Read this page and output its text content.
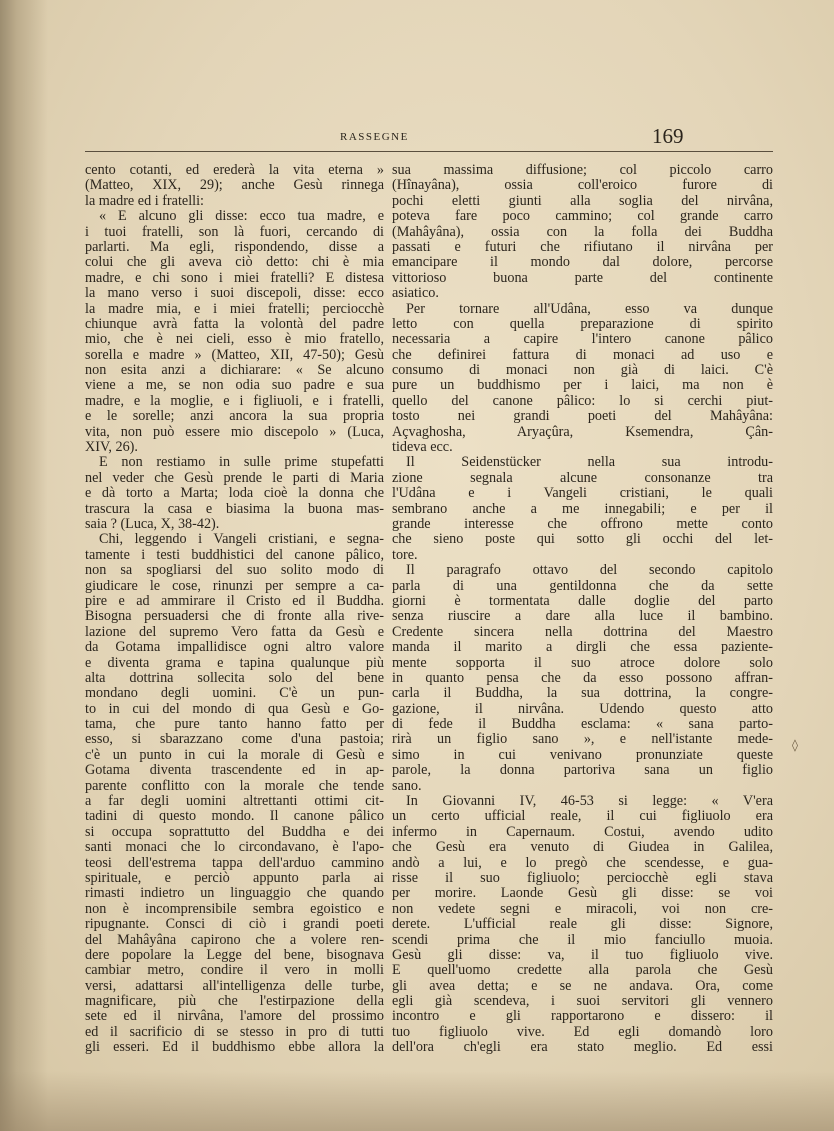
RASSEGNE	169
cento cotanti, ed erederà la vita eterna »
(Matteo, XIX, 29); anche Gesù rinnega
la madre ed i fratelli:
« E alcuno gli disse: ecco tua madre, e
i tuoi fratelli, son là fuori, cercando di
parlarti. Ma egli, rispondendo, disse a
colui che gli aveva ciò detto: chi è mia
madre, e chi sono i miei fratelli? E distesa
la mano verso i suoi discepoli, disse: ecco
la madre mia, e i miei fratelli; perciocchè
chiunque avrà fatta la volontà del padre
mio, che è nei cieli, esso è mio fratello,
sorella e madre » (Matteo, XII, 47-50); Gesù
non esita anzi a dichiarare: « Se alcuno
viene a me, se non odia suo padre e sua
madre, e la moglie, e i figliuoli, e i fratelli,
e le sorelle; anzi ancora la sua propria
vita, non può essere mio discepolo » (Luca,
XIV, 26).
E non restiamo in sulle prime stupefatti
nel veder che Gesù prende le parti di Maria
e dà torto a Marta; loda cioè la donna che
trascura la casa e biasima la buona mas-
saia ? (Luca, X, 38-42).
Chi, leggendo i Vangeli cristiani, e segna-
tamente i testi buddhistici del canone pâlico,
non sa spogliarsi del suo solito modo di
giudicare le cose, rinunzi per sempre a ca-
pire e ad ammirare il Cristo ed il Buddha.
Bisogna persuadersi che di fronte alla rive-
lazione del supremo Vero fatta da Gesù e
da Gotama impallidisce ogni altro valore
e diventa grama e tapina qualunque più
alta dottrina sollecita solo del bene
mondano degli uomini. C'è un pun-
to in cui del mondo di qua Gesù e Go-
tama, che pure tanto hanno fatto per
esso, si sbarazzano come d'una pastoia;
c'è un punto in cui la morale di Gesù e
Gotama diventa trascendente ed in ap-
parente conflitto con la morale che tende
a far degli uomini altrettanti ottimi cit-
tadini di questo mondo. Il canone pâlico
si occupa soprattutto del Buddha e dei
santi monaci che lo circondavano, è l'apo-
teosi dell'estrema tappa dell'arduo cammino
spirituale, e perciò appunto parla ai
rimasti indietro un linguaggio che quando
non è incomprensibile sembra egoistico e
ripugnante. Consci di ciò i grandi poeti
del Mahâyâna capirono che a volere ren-
dere popolare la Legge del bene, bisognava
cambiar metro, condire il vero in molli
versi, adattarsi all'intelligenza delle turbe,
magnificare, più che l'estirpazione della
sete ed il nirvâna, l'amore del prossimo
ed il sacrificio di se stesso in pro di tutti
gli esseri. Ed il buddhismo ebbe allora la
sua massima diffusione; col piccolo carro
(Hînayâna), ossia coll'eroico furore di
pochi eletti giunti alla soglia del nirvâna,
poteva fare poco cammino; col grande carro
(Mahâyâna), ossia con la folla dei Buddha
passati e futuri che rifiutano il nirvâna per
emancipare il mondo dal dolore, percorse
vittorioso buona parte del continente
asiatico.
Per tornare all'Udâna, esso va dunque
letto con quella preparazione di spirito
necessaria a capire l'intero canone pâlico
che definirei fattura di monaci ad uso e
consumo di monaci non già di laici. C'è
pure un buddhismo per i laici, ma non è
quello del canone pâlico: lo si cerchi piut-
tosto nei grandi poeti del Mahâyâna:
Açvaghosha, Aryaçûra, Ksemendra, Çân-
tideva ecc.
Il Seidenstücker nella sua introdu-
zione segnala alcune consonanze tra
l'Udâna e i Vangeli cristiani, le quali
sembrano anche a me innegabili; e per il
grande interesse che offrono mette conto
che sieno poste qui sotto gli occhi del let-
tore.
Il paragrafo ottavo del secondo capitolo
parla di una gentildonna che da sette
giorni è tormentata dalle doglie del parto
senza riuscire a dare alla luce il bambino.
Credente sincera nella dottrina del Maestro
manda il marito a dirgli che essa paziente-
mente sopporta il suo atroce dolore solo
in quanto pensa che da esso possono affran-
carla il Buddha, la sua dottrina, la congre-
gazione, il nirvâna. Udendo questo atto
di fede il Buddha esclama: « sana parto-
rirà un figlio sano », e nell'istante mede-
simo in cui venivano pronunziate queste
parole, la donna partoriva sana un figlio
sano.
In Giovanni IV, 46-53 si legge: « V'era
un certo ufficial reale, il cui figliuolo era
infermo in Capernaum. Costui, avendo udito
che Gesù era venuto di Giudea in Galilea,
andò a lui, e lo pregò che scendesse, e gua-
risse il suo figliuolo; perciocchè egli stava
per morire. Laonde Gesù gli disse: se voi
non vedete segni e miracoli, voi non cre-
derete. L'ufficial reale gli disse: Signore,
scendi prima che il mio fanciullo muoia.
Gesù gli disse: va, il tuo figliuolo vive.
E quell'uomo credette alla parola che Gesù
gli avea detta; e se ne andava. Ora, come
egli già scendeva, i suoi servitori gli vennero
incontro e gli rapportarono e dissero: il
tuo figliuolo vive. Ed egli domandò loro
dell'ora ch'egli era stato meglio. Ed essi
◊
